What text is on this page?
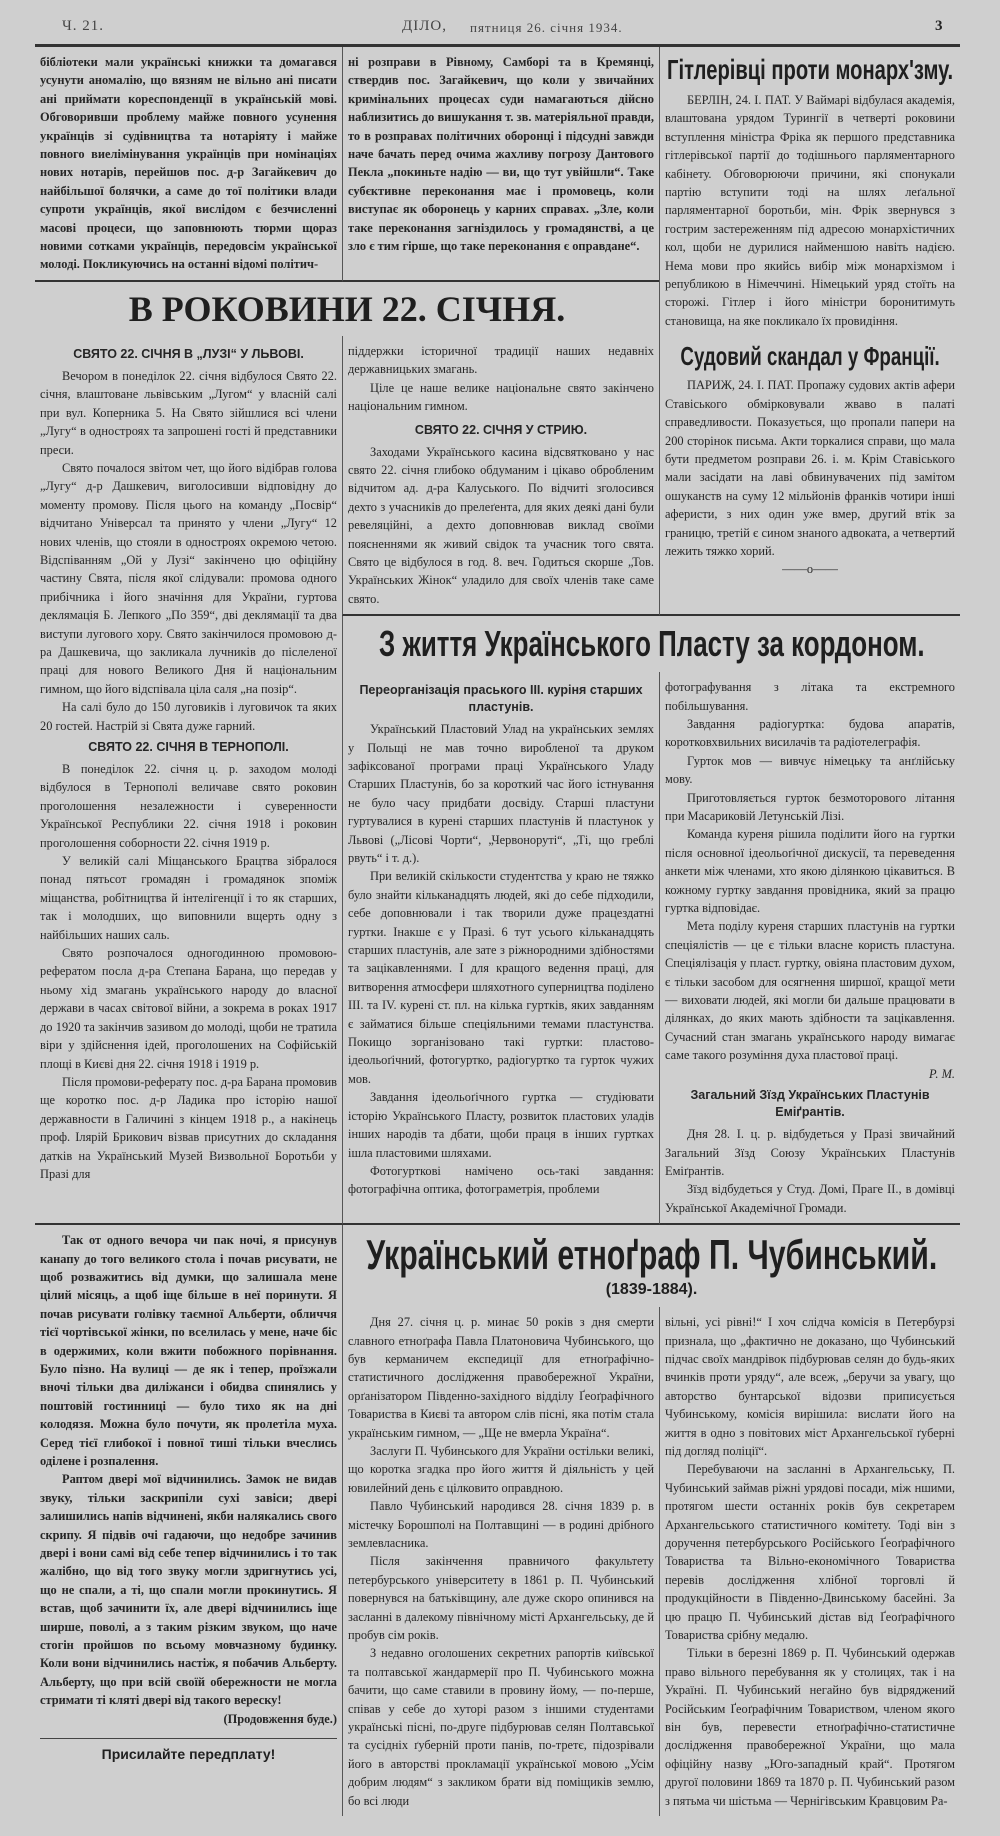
Ч. 21.	ДІЛО, пятниця 26. січня 1934.	3

бібліотеки мали українські книжки та домагався усунути аномалію, що вязням не вільно ані писати ані приймати кореспонденції в українській мові. Обговоривши проблему майже повного усунення українців зі судівництва та нотаріяту і майже повного виелімінування українців при номінаціях нових нотарів, перейшов пос. д-р Загайкевич до найбільшої болячки, а саме до тої політики влади супроти українців, якої вислідом є безчисленні масові процеси, що заповнюють тюрми щораз новими сотками українців, передовсім української молоді. Покликуючись на останні відомі політич-

ні розправи в Рівному, Самборі та в Кремянці, ствердив пос. Загайкевич, що коли у звичайних кримінальних процесах суди намагаються дійсно наблизитись до вишукання т. зв. матеріяльної правди, то в розправах політичних оборонці і підсудні завжди наче бачать перед очима жахливу погрозу Дантового Пекла „покиньте надію — ви, що тут увійшли“. Таке субєктивне переконання має і промовець, коли виступає як оборонець у карних справах. „Зле, коли таке переконання загніздилось у громадянстві, а це зло є тим гірше, що таке переконання є оправдане“.

Гітлерівці проти монарх'зму.

БЕРЛІН, 24. І. ПАТ. У Ваймарі відбулася академія, влаштована урядом Турингії в четверті роковини вступлення міністра Фріка як першого представника гітлерівської партії до тодішнього парляментарного кабінету. Обговорюючи причини, які спонукали партію вступити тоді на шлях леґальної парляментарної боротьби, мін. Фрік звернувся з гострим застереженням під адресою монархістичних кол, щоби не дурилися найменшою навіть надією. Нема мови про якийсь вибір між монархізмом і републикою в Німеччині. Німецький уряд стоїть на сторожі. Гітлер і його міністри боронитимуть становища, на яке покликало їх провидіння.

Судовий скандал у Франції.

ПАРИЖ, 24. І. ПАТ. Пропажу судових актів афери Ставіського обмірковували жваво в палаті справедливости. Показується, що пропали папери на 200 сторінок письма. Акти торкалися справи, що мала бути предметом розправи 26. і. м. Крім Ставіського мали засідати на лаві обвинувачених під замітом ошуканств на суму 12 мільйонів франків чотири інші аферисти, з них один уже вмер, другий втік за границю, третій є сином знаного адвоката, а четвертий лежить тяжко хорий.

——o——
В РОКОВИНИ 22. СІЧНЯ.
СВЯТО 22. СІЧНЯ В „ЛУЗІ“ У ЛЬВОВІ.

Вечором в понеділок 22. січня відбулося Свято 22. січня, влаштоване львівським „Лугом“ у власній салі при вул. Коперника 5. На Свято зійшлися всі члени „Лугу“ в одностроях та запрошені гості й представники преси.

Свято почалося звітом чет, що його відібрав голова „Лугу“ д-р Дашкевич, виголосивши відповідну до моменту промову. Після цього на команду „Посвір“ відчитано Універсал та принято у члени „Лугу“ 12 нових членів, що стояли в одностроях окремою четою. Відспіванням „Ой у Лузі“ закінчено цю офіційну частину Свята, після якої слідували: промова одного прибічника і його значіння для України, гуртова деклямація Б. Лепкого „По 359“, дві деклямації та два виступи лугового хору. Свято закінчилося промовою д-ра Дашкевича, що закликала лучників до післеленої праці для нового Великого Дня й національним гимном, що його відспівала ціла саля „на позір“.

На салі було до 150 луговиків і луговичок та яких 20 гостей. Настрій зі Свята дуже гарний.

СВЯТО 22. СІЧНЯ В ТЕРНОПОЛІ.

В понеділок 22. січня ц. р. заходом молоді відбулося в Тернополі величаве свято роковин проголошення незалежности і суверенности Української Республики 22. січня 1918 і роковин проголошення соборности 22. січня 1919 р.

У великій салі Міщанського Брацтва зібралося понад пятьсот громадян і громадянок зпоміж міщанства, робітництва й інтелігенції і то як старших, так і молодших, що виповнили вщерть одну з найбільших наших саль.

Свято розпочалося одногодинною промовою-рефератом посла д-ра Степана Барана, що передав у ньому хід змагань українського народу до власної держави в часах світової війни, а зокрема в роках 1917 до 1920 та закінчив зазивом до молоді, щоби не тратила віри у здійснення ідей, проголошених на Софійській площі в Києві дня 22. січня 1918 і 1919 р.

Після промови-реферату пос. д-ра Барана промовив ще коротко пос. д-р Ладика про історію нашої державности в Галичині з кінцем 1918 р., а накінець проф. Ілярій Брикович візвав присутних до складання датків на Український Музей Визвольної Боротьби у Празі для

піддержки історичної традиції наших недавніх державницьких змагань.

Ціле це наше велике національне свято закінчено національним гимном.

СВЯТО 22. СІЧНЯ У СТРИЮ.

Заходами Українського касина відсвятковано у нас свято 22. січня глибоко обдуманим і цікаво обробленим відчитом ад. д-ра Калуського. По відчиті зголосився дехто з учасників до прелеґента, для яких деякі дані були ревеляційні, а дехто доповнював виклад своїми поясненнями як живий свідок та учасник того свята. Свято це відбулося в год. 8. веч. Годиться скорше „Тов. Українських Жінок“ уладило для своїх членів таке саме свято.

З життя Українського Пласту за кордоном.
Переорганізація праського ІІІ. куріня старших пластунів.

Український Пластовий Улад на українських землях у Польщі не мав точно виробленої та друком зафіксованої програми праці Українського Уладу Старших Пластунів, бо за короткий час його істнування не було часу придбати досвіду. Старші пластуни гуртувалися в курені старших пластунів й пластунок у Львові („Лісові Чорти“, „Червоноруті“, „Ті, що греблі рвуть“ і т. д.).

При великій скількости студентства у краю не тяжко було знайти кільканадцять людей, які до себе підходили, себе доповнювали і так творили дуже працездатні гуртки. Інакше є у Празі. 6 тут усього кільканадцять старших пластунів, але зате з ріжнородними здібностями та зацікавленнями. І для кращого ведення праці, для витворення атмосфери шляхотного суперництва поділено ІІІ. та ІV. курені ст. пл. на кілька гуртків, яких завданням є займатися більше спеціяльними темами пластунства. Покищо зорганізовано такі гуртки: пластово-ідеольоґічний, фотогуртко, радіогуртко та гурток чужих мов.

Завдання ідеольоґічного гуртка — студіювати історію Українського Пласту, розвиток пластових уладів інших народів та дбати, щоби праця в інших гуртках ішла пластовими шляхами.

Фотогурткові намічено ось-такі завдання: фотографічна оптика, фотограметрія, проблеми

фотографування з літака та екстремного побільшування.

Завдання радіогуртка: будова апаратів, коротковхвильних висилачів та радіотелеграфія.

Гурток мов — вивчує німецьку та анґлійську мову.

Приготовляється гурток безмоторового літання при Масариковій Летунській Лізі.

Команда куреня рішила поділити його на гуртки після основної ідеольоґічної дискусії, та переведення анкети між членами, хто якою ділянкою цікавиться. В кожному гуртку завдання провідника, який за працю гуртка відповідає.

Мета поділу куреня старших пластунів на гуртки спеціялістів — це є тільки власне користь пластуна. Спеціялізація у пласт. гуртку, овіяна пластовим духом, є тільки засобом для осягнення ширшої, кращої мети — виховати людей, які могли би дальше працювати в ділянках, до яких мають здібности та зацікавлення. Сучасний стан змагань українського народу вимагає саме такого розуміння духа пластової праці.

Р. М.
Загальний Зїзд Українських Пластунів Еміґрантів.

Дня 28. І. ц. р. відбудеться у Празі звичайний Загальний Зїзд Союзу Українських Пластунів Еміґрантів.

Зїзд відбудеться у Студ. Домі, Праге ІІ., в домівці Української Академічної Громади.

Так от одного вечора чи пак ночі, я присунув канапу до того великого стола і почав рисувати, не щоб розважитись від думки, що залишала мене цілий місяць, а щоб іще більше в неї поринути. Я почав рисувати голівку таємної Альберти, обличчя тієї чортівської жінки, по вселилась у мене, наче біс в одержимих, коли вжити побожного порівнання. Було пізно. На вулиці — де як і тепер, проїзжали вночі тільки два диліжанси і обидва спинялись у поштовій гостинниці — було тихо як на дні колодязя. Можна було почути, як пролетіла муха. Серед тієї глибокої і повної тиші тільки вчеслись оділене і розпалення.

Раптом двері мої відчинились. Замок не видав звуку, тільки заскрипіли сухі завіси; двері залишились напів відчинені, якби налякались свого скрипу. Я підвів очі гадаючи, що недобре зачинив двері і вони самі від себе тепер відчинились і то так жалібно, що від того звуку могли здригнутись усі, що не спали, а ті, що спали могли прокинутись. Я встав, щоб зачинити їх, але двері відчинились іще ширше, поволі, а з таким різким звуком, що наче стогін пройшов по всьому мовчазному будинку. Коли вони відчинились настіж, я побачив Альберту. Альберту, що при всій своїй обережности не могла стримати ті кляті двері від такого вереску!

(Продовження буде.)
Присилайте передплату!
Український етноґраф П. Чубинський.
(1839-1884).

Дня 27. січня ц. р. минає 50 років з дня смерти славного етноґрафа Павла Платоновича Чубинського, що був керманичем експедиції для етноґрафічно-статистичного дослідження правобережної України, орґанізатором Південно-західного відділу Ґеоґрафічного Товариства в Києві та автором слів пісні, яка потім стала українським гимном, — „Ще не вмерла Україна“.

Заслуги П. Чубинського для України остільки великі, що коротка згадка про його життя й діяльність у цей ювилейний день є цілковито оправдною.

Павло Чубинський народився 28. січня 1839 р. в містечку Борошполі на Полтавщині — в родині дрібного землевласника.

Після закінчення правничого факультету петербурського університету в 1861 р. П. Чубинський повернувся на батьківщину, але дуже скоро опинився на засланні в далекому північному місті Архангельську, де й пробув сім років.

З недавно оголошених секретних рапортів київської та полтавської жандармерії про П. Чубинського можна бачити, що саме ставили в провину йому, — по-перше, співав у себе до хуторі разом з іншими студентами українські пісні, по-друге підбурював селян Полтавської та сусідніх ґуберній проти панів, по-третє, підозрівали його в авторстві прокламації української мовою „Усім добрим людям“ з закликом брати від поміщиків землю, бо всі люди

вільні, усі рівні!“ І хоч слідча комісія в Петербурзі признала, що „фактично не доказано, що Чубинський підчас своїх мандрівок підбурював селян до будь-яких вчинків проти уряду“, але всеж, „беручи за увагу, що авторство бунтарської відозви приписується Чубинському, комісія вирішила: вислати його на життя в одно з повітових міст Архангельської ґуберні під догляд поліції“.

Перебуваючи на засланні в Архангельську, П. Чубинський займав ріжні урядові посади, між ншими, протягом шести останніх років був секретарем Архангельського статистичного комітету. Тоді він з доручення петербурського Російського Ґеоґрафічного Товариства та Вільно-економічного Товариства перевів дослідження хлібної торговлі й продукційности в Південно-Двинському басейні. За цю працю П. Чубинський дістав від Ґеоґрафічного Товариства срібну медалю.

Тільки в березні 1869 р. П. Чубинський одержав право вільного перебування як у столицях, так і на Україні. П. Чубинський негайно був відряджений Російським Ґеоґрафічним Товариством, членом якого він був, перевести етноґрафічно-статистичне дослідження правобережної України, що мала офіційну назву „Юго-западный край“. Протягом другої половини 1869 та 1870 р. П. Чубинський разом з пятьма чи шістьма — Чернігівським Кравцовим Ра-
